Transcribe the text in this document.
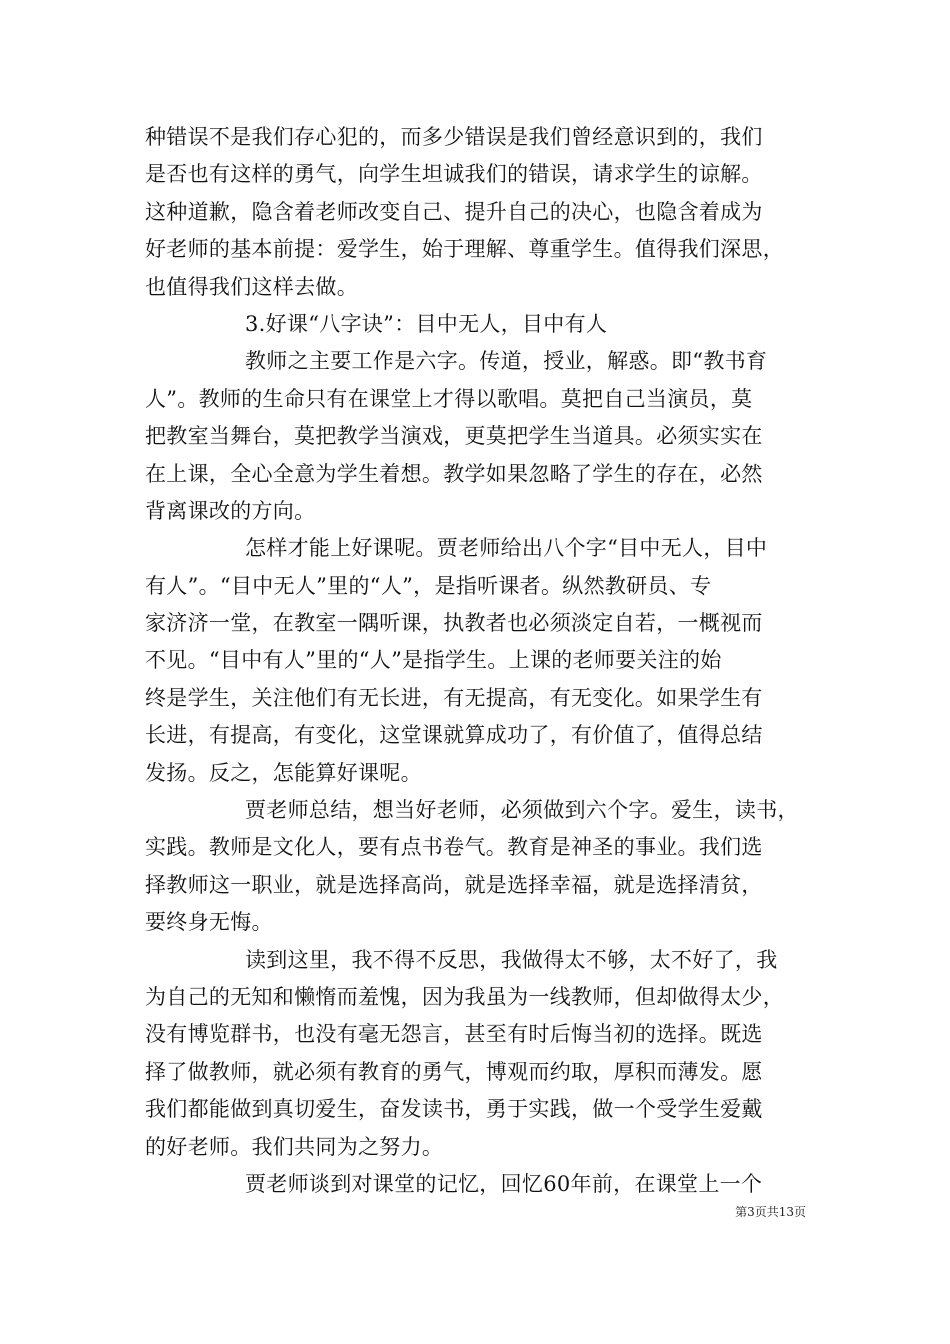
种错误不是我们存心犯的，而多少错误是我们曾经意识到的，我们
是否也有这样的勇气，向学生坦诚我们的错误，请求学生的谅解。
这种道歉，隐含着老师改变自己、提升自己的决心，也隐含着成为
好老师的基本前提：爱学生，始于理解、尊重学生。值得我们深思，
也值得我们这样去做。
3.好课“八字诀”：目中无人，目中有人
教师之主要工作是六字。传道，授业，解惑。即“教书育
人”。教师的生命只有在课堂上才得以歌唱。莫把自己当演员，莫
把教室当舞台，莫把教学当演戏，更莫把学生当道具。必须实实在
在上课，全心全意为学生着想。教学如果忽略了学生的存在，必然
背离课改的方向。
怎样才能上好课呢。贾老师给出八个字“目中无人，目中
有人”。“目中无人”里的“人”，是指听课者。纵然教研员、专
家济济一堂，在教室一隅听课，执教者也必须淡定自若，一概视而
不见。“目中有人”里的“人”是指学生。上课的老师要关注的始
终是学生，关注他们有无长进，有无提高，有无变化。如果学生有
长进，有提高，有变化，这堂课就算成功了，有价值了，值得总结
发扬。反之，怎能算好课呢。
贾老师总结，想当好老师，必须做到六个字。爱生，读书，
实践。教师是文化人，要有点书卷气。教育是神圣的事业。我们选
择教师这一职业，就是选择高尚，就是选择幸福，就是选择清贫，
要终身无悔。
读到这里，我不得不反思，我做得太不够，太不好了，我
为自己的无知和懒惰而羞愧，因为我虽为一线教师，但却做得太少，
没有博览群书，也没有毫无怨言，甚至有时后悔当初的选择。既选
择了做教师，就必须有教育的勇气，博观而约取，厚积而薄发。愿
我们都能做到真切爱生，奋发读书，勇于实践，做一个受学生爱戴
的好老师。我们共同为之努力。
贾老师谈到对课堂的记忆，回忆60年前，在课堂上一个
第3页共13页
